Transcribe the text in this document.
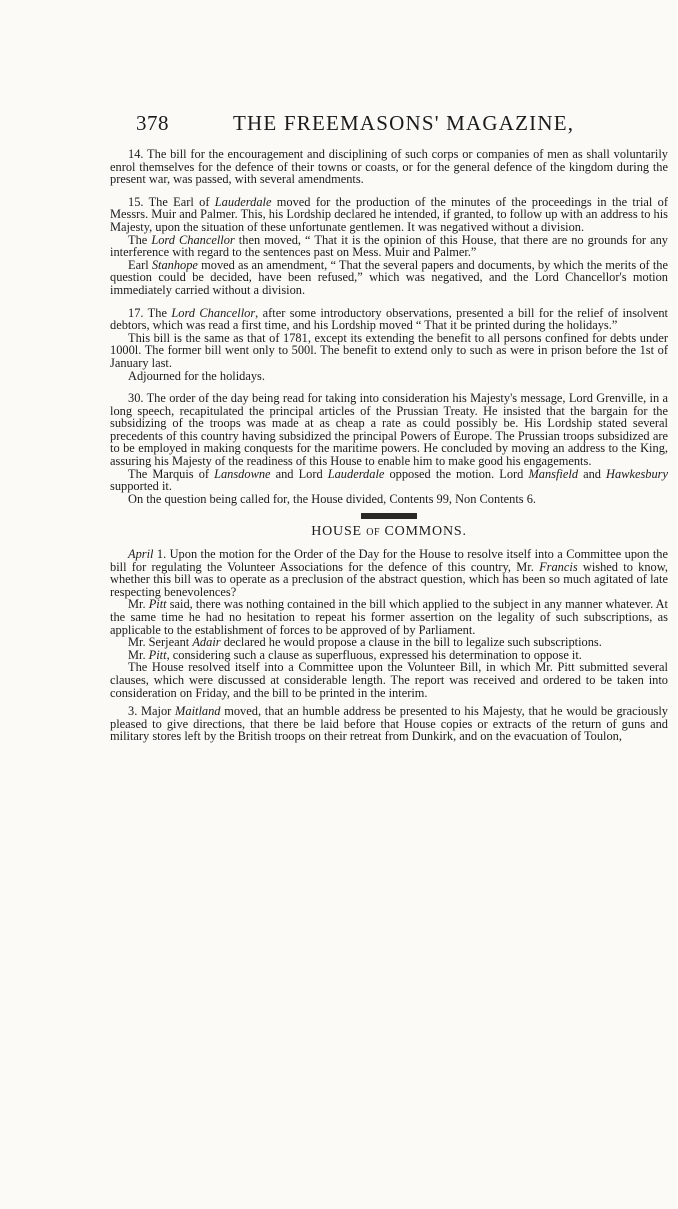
378	THE FREEMASONS' MAGAZINE,

14. The bill for the encouragement and disciplining of such corps or companies of men as shall voluntarily enrol themselves for the defence of their towns or coasts, or for the general defence of the kingdom during the present war, was passed, with several amendments.

15. The Earl of Lauderdale moved for the production of the minutes of the proceedings in the trial of Messrs. Muir and Palmer. This, his Lordship declared he intended, if granted, to follow up with an address to his Majesty, upon the situation of these unfortunate gentlemen. It was negatived without a division.

The Lord Chancellor then moved, “ That it is the opinion of this House, that there are no grounds for any interference with regard to the sentences past on Mess. Muir and Palmer.”

Earl Stanhope moved as an amendment, “ That the several papers and documents, by which the merits of the question could be decided, have been refused,” which was negatived, and the Lord Chancellor's motion immediately carried without a division.

17. The Lord Chancellor, after some introductory observations, presented a bill for the relief of insolvent debtors, which was read a first time, and his Lordship moved “ That it be printed during the holidays.”

This bill is the same as that of 1781, except its extending the benefit to all persons confined for debts under 1000l. The former bill went only to 500l. The benefit to extend only to such as were in prison before the 1st of January last.

Adjourned for the holidays.

30. The order of the day being read for taking into consideration his Majesty's message, Lord Grenville, in a long speech, recapitulated the principal articles of the Prussian Treaty. He insisted that the bargain for the subsidizing of the troops was made at as cheap a rate as could possibly be. His Lordship stated several precedents of this country having subsidized the principal Powers of Europe. The Prussian troops subsidized are to be employed in making conquests for the maritime powers. He concluded by moving an address to the King, assuring his Majesty of the readiness of this House to enable him to make good his engagements.

The Marquis of Lansdowne and Lord Lauderdale opposed the motion. Lord Mansfield and Hawkesbury supported it.

On the question being called for, the House divided, Contents 99, Non Contents 6.

HOUSE OF COMMONS.

April 1. Upon the motion for the Order of the Day for the House to resolve itself into a Committee upon the bill for regulating the Volunteer Associations for the defence of this country, Mr. Francis wished to know, whether this bill was to operate as a preclusion of the abstract question, which has been so much agitated of late respecting benevolences?

Mr. Pitt said, there was nothing contained in the bill which applied to the subject in any manner whatever. At the same time he had no hesitation to repeat his former assertion on the legality of such subscriptions, as applicable to the establishment of forces to be approved of by Parliament.

Mr. Serjeant Adair declared he would propose a clause in the bill to legalize such subscriptions.

Mr. Pitt, considering such a clause as superfluous, expressed his determination to oppose it.

The House resolved itself into a Committee upon the Volunteer Bill, in which Mr. Pitt submitted several clauses, which were discussed at considerable length. The report was received and ordered to be taken into consideration on Friday, and the bill to be printed in the interim.

3. Major Maitland moved, that an humble address be presented to his Majesty, that he would be graciously pleased to give directions, that there be laid before that House copies or extracts of the return of guns and military stores left by the British troops on their retreat from Dunkirk, and on the evacuation of Toulon,
